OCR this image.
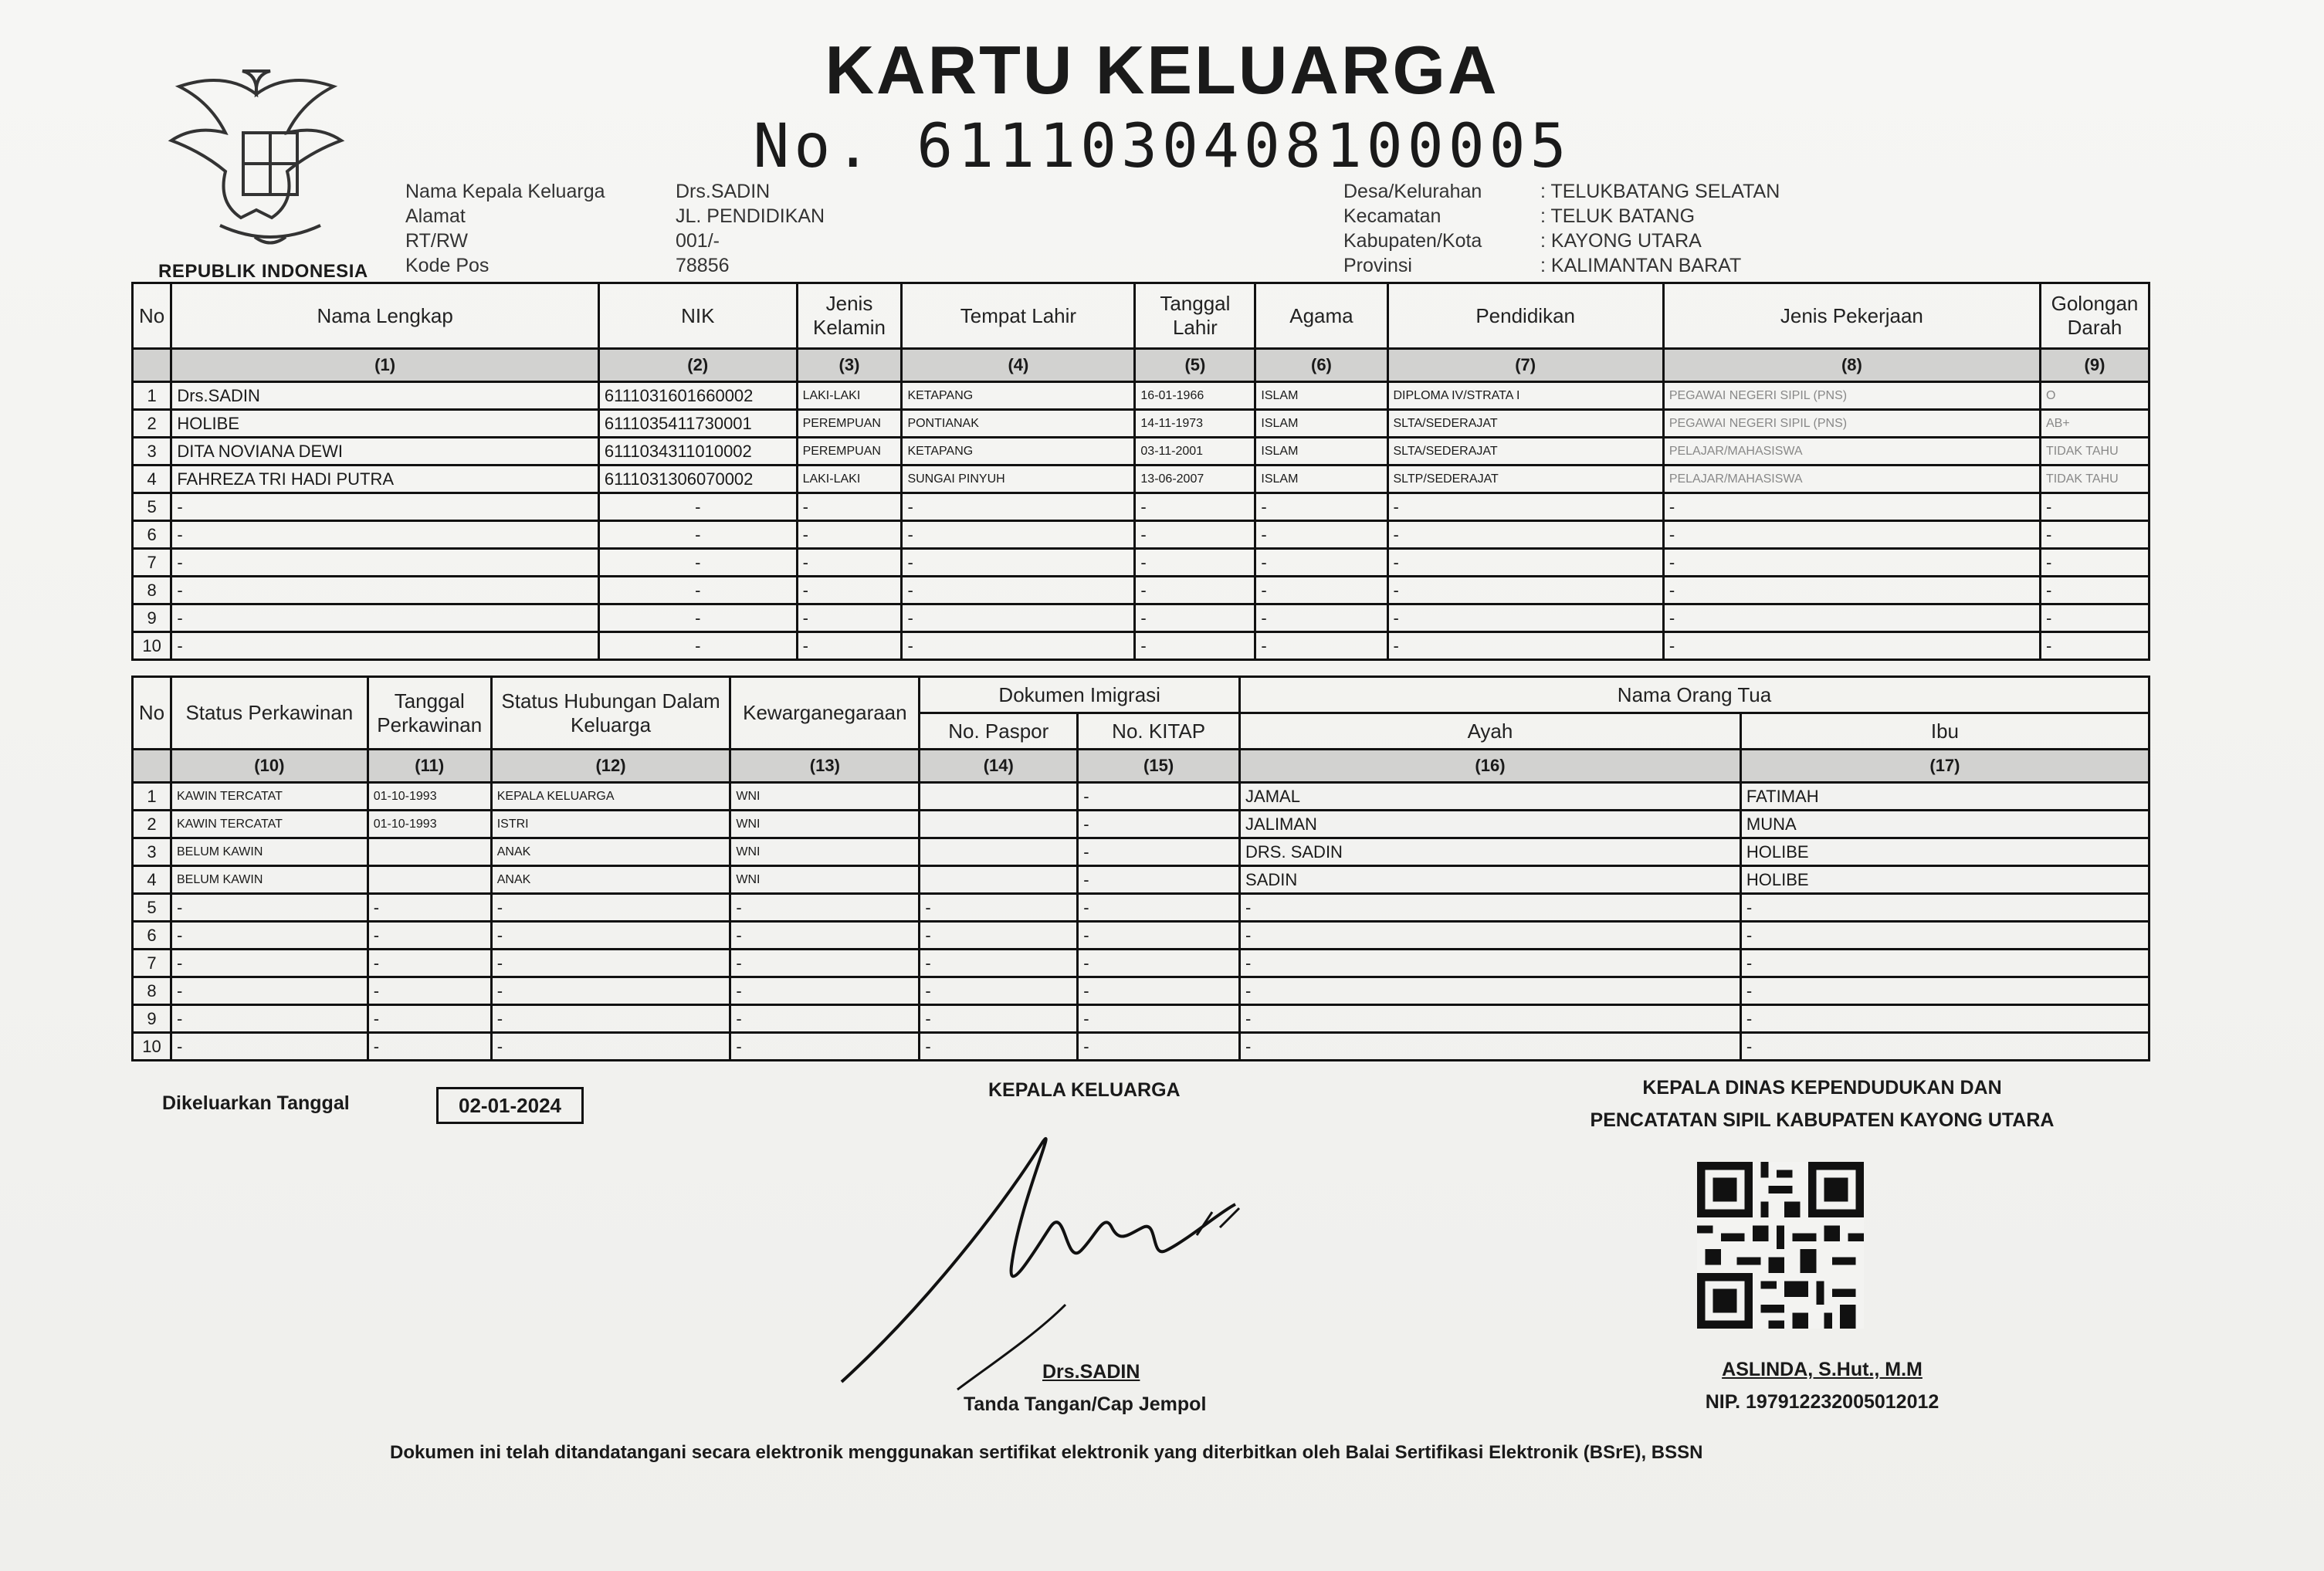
REPUBLIK INDONESIA
KARTU KELUARGA
No. 6111030408100005
Nama Kepala Keluarga	Drs.SADIN
Alamat	JL. PENDIDIKAN
RT/RW	001/-
Kode Pos	78856
Desa/Kelurahan	: TELUKBATANG SELATAN
Kecamatan	: TELUK BATANG
Kabupaten/Kota	: KAYONG UTARA
Provinsi	: KALIMANTAN BARAT
No	Nama Lengkap	NIK	Jenis Kelamin	Tempat Lahir	Tanggal Lahir	Agama	Pendidikan	Jenis Pekerjaan	Golongan Darah
	(1)	(2)	(3)	(4)	(5)	(6)	(7)	(8)	(9)
1	Drs.SADIN	6111031601660002	LAKI-LAKI	KETAPANG	16-01-1966	ISLAM	DIPLOMA IV/STRATA I	PEGAWAI NEGERI SIPIL (PNS)	O
2	HOLIBE	6111035411730001	PEREMPUAN	PONTIANAK	14-11-1973	ISLAM	SLTA/SEDERAJAT	PEGAWAI NEGERI SIPIL (PNS)	AB+
3	DITA NOVIANA DEWI	6111034311010002	PEREMPUAN	KETAPANG	03-11-2001	ISLAM	SLTA/SEDERAJAT	PELAJAR/MAHASISWA	TIDAK TAHU
4	FAHREZA TRI HADI PUTRA	6111031306070002	LAKI-LAKI	SUNGAI PINYUH	13-06-2007	ISLAM	SLTP/SEDERAJAT	PELAJAR/MAHASISWA	TIDAK TAHU
5	-	-	-	-	-	-	-	-	-
6	-	-	-	-	-	-	-	-	-
7	-	-	-	-	-	-	-	-	-
8	-	-	-	-	-	-	-	-	-
9	-	-	-	-	-	-	-	-	-
10	-	-	-	-	-	-	-	-	-
No	Status Perkawinan	Tanggal Perkawinan	Status Hubungan Dalam Keluarga	Kewarganegaraan	Dokumen Imigrasi		Nama Orang Tua	
					No. Paspor	No. KITAP	Ayah	Ibu
	(10)	(11)	(12)	(13)	(14)	(15)	(16)	(17)
1	KAWIN TERCATAT	01-10-1993	KEPALA KELUARGA	WNI		-	JAMAL	FATIMAH
2	KAWIN TERCATAT	01-10-1993	ISTRI	WNI		-	JALIMAN	MUNA
3	BELUM KAWIN		ANAK	WNI		-	DRS. SADIN	HOLIBE
4	BELUM KAWIN		ANAK	WNI		-	SADIN	HOLIBE
5	-	-	-	-	-	-	-	-
6	-	-	-	-	-	-	-	-
7	-	-	-	-	-	-	-	-
8	-	-	-	-	-	-	-	-
9	-	-	-	-	-	-	-	-
10	-	-	-	-	-	-	-	-
Dikeluarkan Tanggal	02-01-2024
KEPALA KELUARGA
Drs.SADIN
Tanda Tangan/Cap Jempol
KEPALA DINAS KEPENDUDUKAN DAN
PENCATATAN SIPIL KABUPATEN KAYONG UTARA
ASLINDA, S.Hut., M.M
NIP. 197912232005012012
Dokumen ini telah ditandatangani secara elektronik menggunakan sertifikat elektronik yang diterbitkan oleh Balai Sertifikasi Elektronik (BSrE), BSSN
